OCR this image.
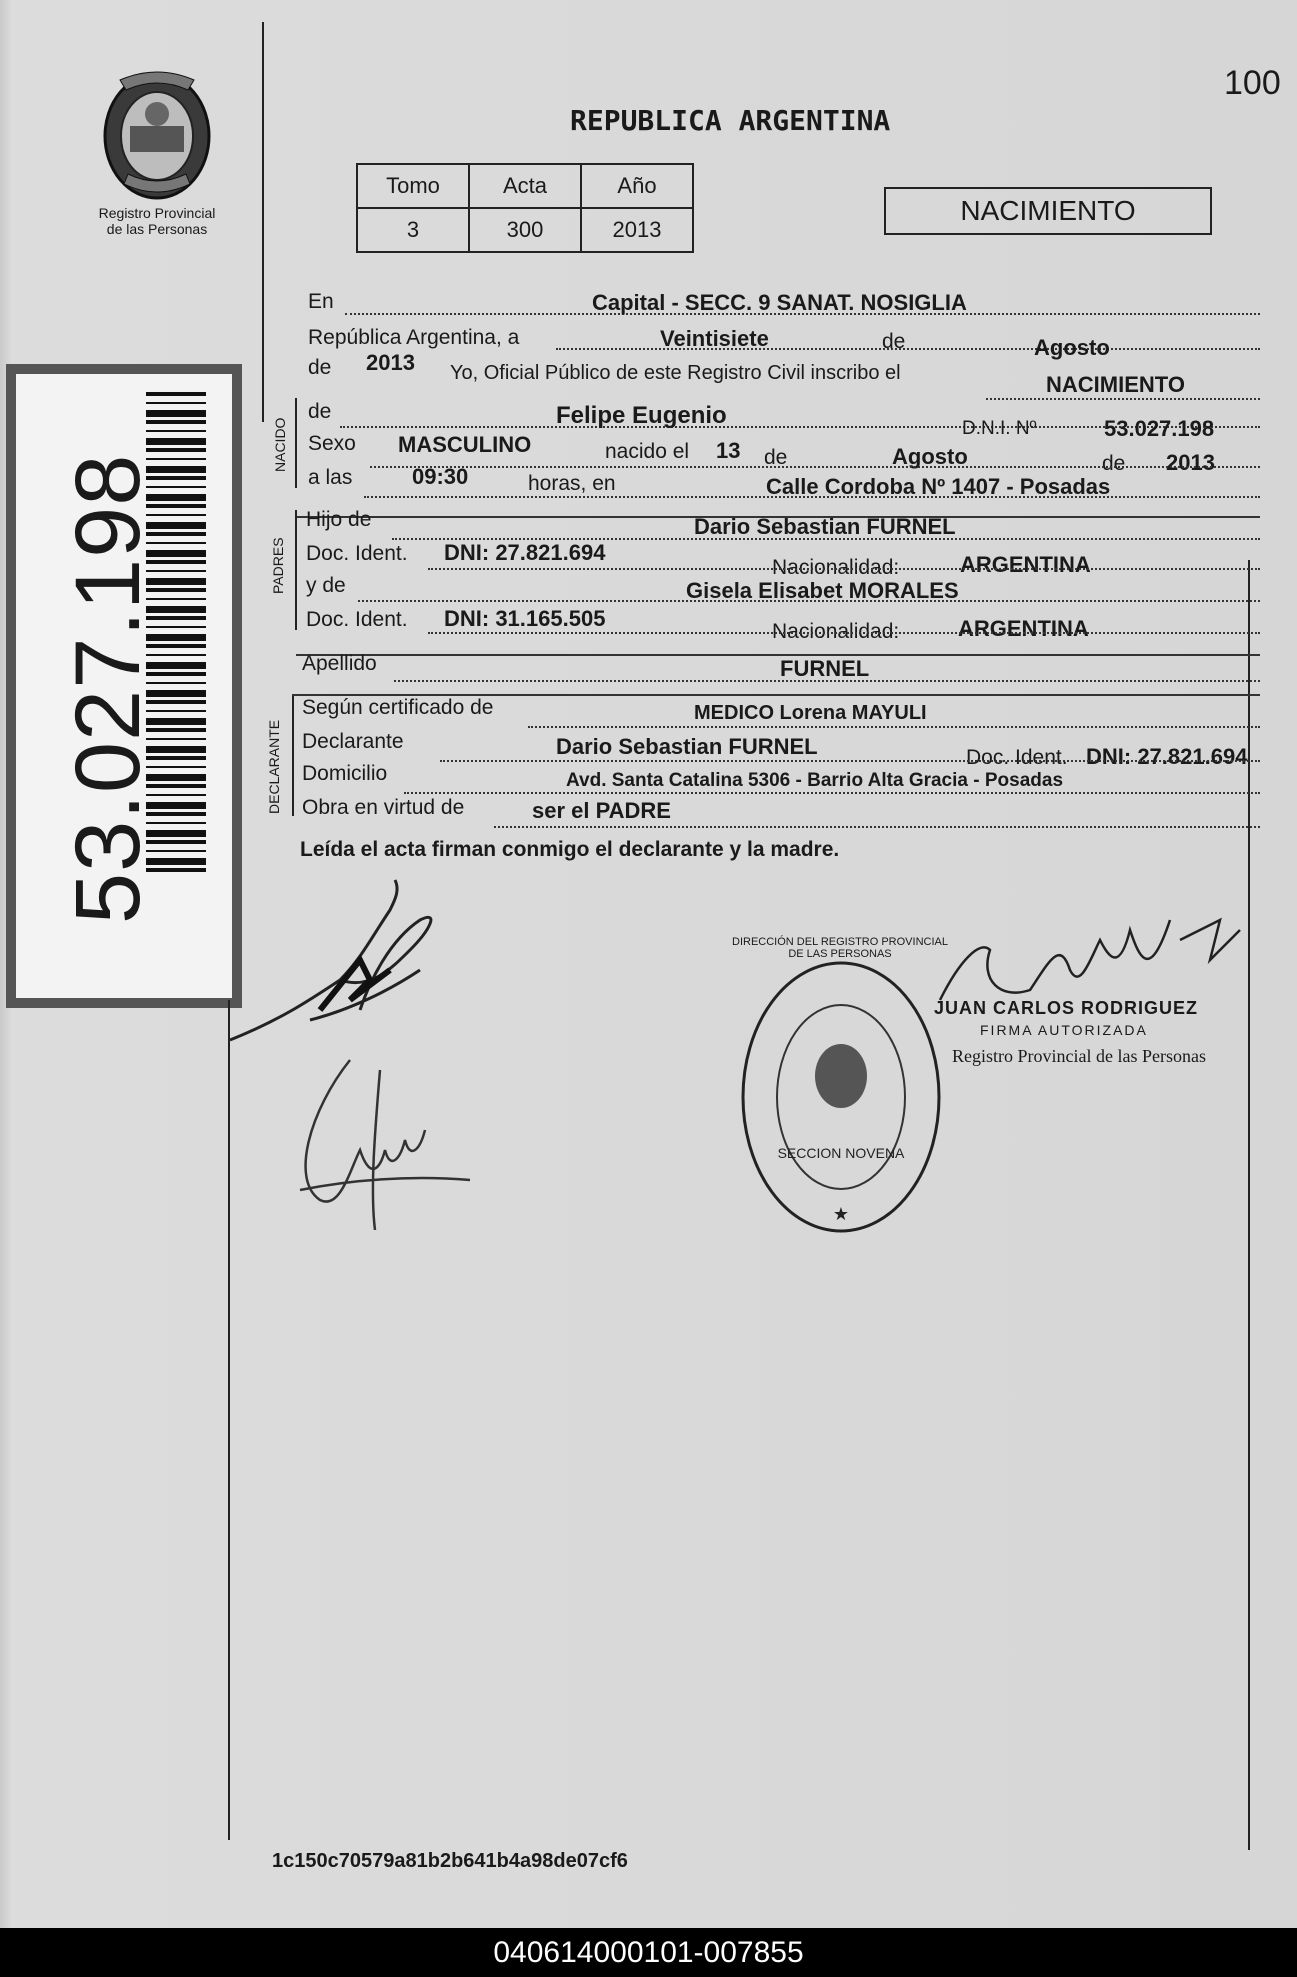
100
Registro Provincial
de las Personas
53.027.198
REPUBLICA ARGENTINA
Tomo	Acta	Año
3	300	2013
NACIMIENTO
En	Capital - SECC. 9 SANAT. NOSIGLIA
República Argentina, a	Veintisiete	de	Agosto
de 2013 Yo, Oficial Público de este Registro Civil inscribo el	NACIMIENTO
NACIDO
de	Felipe Eugenio	D.N.I. Nº	53.027.198
Sexo MASCULINO	nacido el 13 de	Agosto	de 2013
a las	09:30	horas, en	Calle Cordoba Nº 1407 - Posadas
PADRES
Hijo de	Dario Sebastian FURNEL
Doc. Ident. DNI: 27.821.694
Nacionalidad:	ARGENTINA
y de	Gisela Elisabet MORALES
Doc. Ident. DNI: 31.165.505
Nacionalidad:	ARGENTINA
Apellido	FURNEL
DECLARANTE
Según certificado de	MEDICO Lorena MAYULI
Declarante	Dario Sebastian FURNEL	Doc. Ident. DNI: 27.821.694
Domicilio	Avd. Santa Catalina 5306 - Barrio Alta Gracia - Posadas
Obra en virtud de	ser el PADRE
Leída el acta firman conmigo el declarante y la madre.
SECCION NOVENA
★
DIRECCIÓN DEL REGISTRO PROVINCIAL DE LAS PERSONAS
JUAN CARLOS RODRIGUEZ
FIRMA AUTORIZADA
Registro Provincial de las Personas
1c150c70579a81b2b641b4a98de07cf6
040614000101-007855
